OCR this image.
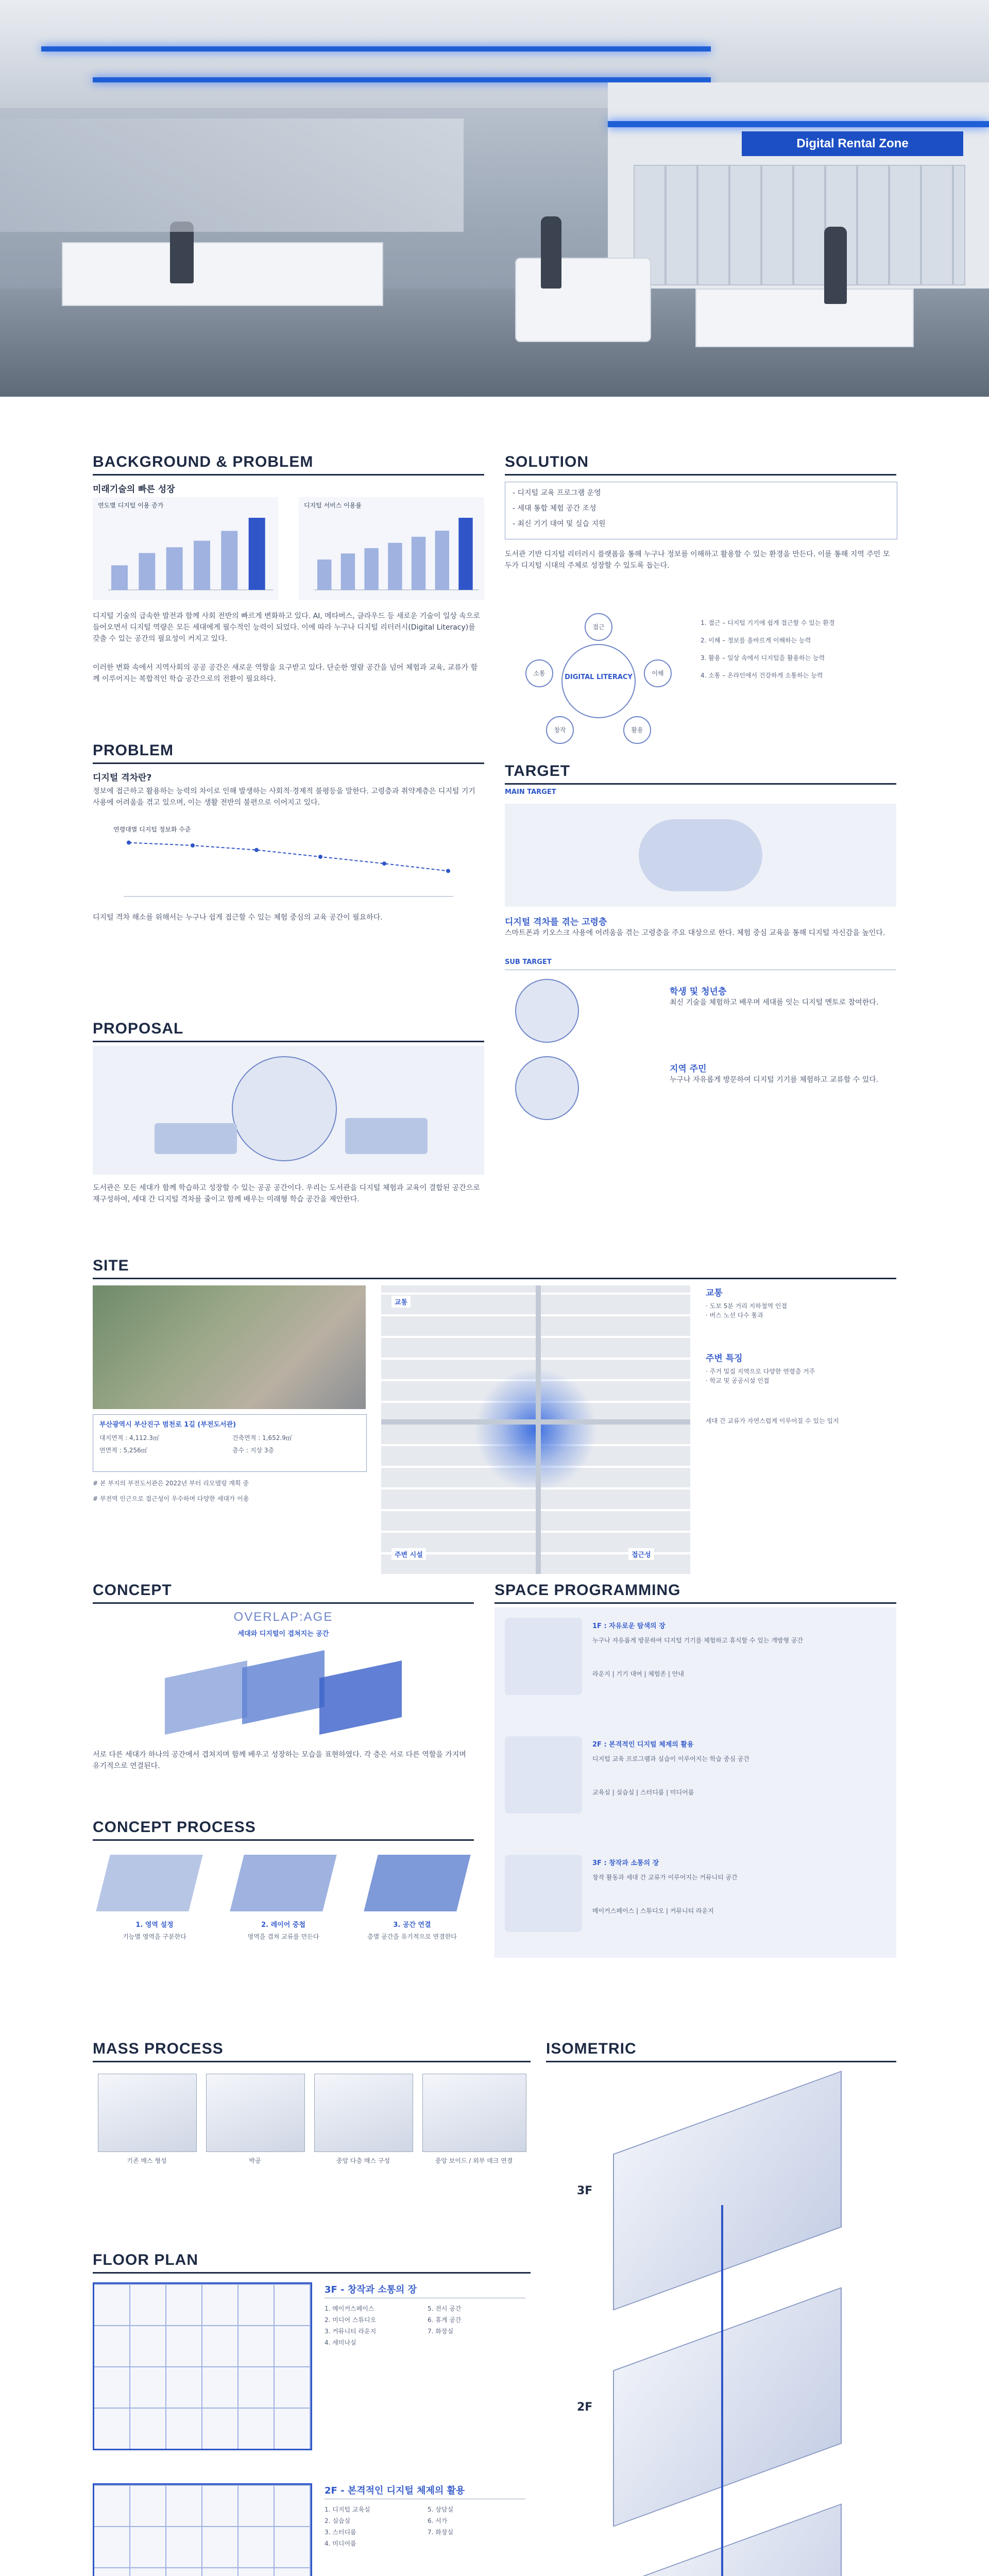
Digital Rental Zone
BACKGROUND & PROBLEM
미래기술의 빠른 성장
연도별 디지털 이용 증가	디지털 서비스 이용률
디지털 기술의 급속한 발전과 함께 사회 전반의 빠르게 변화하고 있다. AI, 메타버스, 클라우드 등 새로운 기술이 일상 속으로 들어오면서 디지털 역량은 모든 세대에게 필수적인 능력이 되었다. 이에 따라 누구나 디지털 리터러시(Digital Literacy)를 갖출 수 있는 공간의 필요성이 커지고 있다.
이러한 변화 속에서 지역사회의 공공 공간은 새로운 역할을 요구받고 있다. 단순한 열람 공간을 넘어 체험과 교육, 교류가 함께 이루어지는 복합적인 학습 공간으로의 전환이 필요하다.
PROBLEM
디지털 격차란?
정보에 접근하고 활용하는 능력의 차이로 인해 발생하는 사회적·경제적 불평등을 말한다. 고령층과 취약계층은 디지털 기기 사용에 어려움을 겪고 있으며, 이는 생활 전반의 불편으로 이어지고 있다.
연령대별 디지털 정보화 수준
디지털 격차 해소를 위해서는 누구나 쉽게 접근할 수 있는 체험 중심의 교육 공간이 필요하다.
PROPOSAL
도서관은 모든 세대가 함께 학습하고 성장할 수 있는 공공 공간이다. 우리는 도서관을 디지털 체험과 교육이 결합된 공간으로 재구성하여, 세대 간 디지털 격차를 줄이고 함께 배우는 미래형 학습 공간을 제안한다.
SOLUTION
- 디지털 교육 프로그램 운영
- 세대 통합 체험 공간 조성
- 최신 기기 대여 및 실습 지원
도서관 기반 디지털 리터러시 플랫폼을 통해 누구나 정보를 이해하고 활용할 수 있는 환경을 만든다. 이를 통해 지역 주민 모두가 디지털 시대의 주체로 성장할 수 있도록 돕는다.
DIGITAL LITERACY
접근
이해
활용
창작
소통
1. 접근 – 디지털 기기에 쉽게 접근할 수 있는 환경
2. 이해 – 정보를 올바르게 이해하는 능력
3. 활용 – 일상 속에서 디지털을 활용하는 능력
4. 소통 – 온라인에서 건강하게 소통하는 능력
TARGET
MAIN TARGET
디지털 격차를 겪는 고령층
스마트폰과 키오스크 사용에 어려움을 겪는 고령층을 주요 대상으로 한다. 체험 중심 교육을 통해 디지털 자신감을 높인다.
SUB TARGET
학생 및 청년층
최신 기술을 체험하고 배우며 세대를 잇는 디지털 멘토로 참여한다.
지역 주민
누구나 자유롭게 방문하여 디지털 기기를 체험하고 교류할 수 있다.
SITE
부산광역시 부산진구 범천로 1길 (부전도서관)
대지면적 : 4,112.3㎡	건축면적 : 1,652.9㎡
연면적 : 5,256㎡	층수 : 지상 3층
# 본 부지의 부전도서관은 2022년 부터 리모델링 계획 중
# 부전역 인근으로 접근성이 우수하며 다양한 세대가 이용
교통
주변 시설	접근성
교통
· 도보 5분 거리 지하철역 인접
· 버스 노선 다수 통과
주변 특징
· 주거 밀집 지역으로 다양한 연령층 거주
· 학교 및 공공시설 인접
세대 간 교류가 자연스럽게 이루어질 수 있는 입지
CONCEPT
OVERLAP:AGE
세대와 디지털이 겹쳐지는 공간
서로 다른 세대가 하나의 공간에서 겹쳐지며 함께 배우고 성장하는 모습을 표현하였다. 각 층은 서로 다른 역할을 가지며 유기적으로 연결된다.
CONCEPT PROCESS
1. 영역 설정	2. 레이어 중첩	3. 공간 연결
기능별 영역을 구분한다	영역을 겹쳐 교류를 만든다	층별 공간을 유기적으로 연결한다
SPACE PROGRAMMING
1F : 자유로운 탐색의 장
누구나 자유롭게 방문하여 디지털 기기를 체험하고 휴식할 수 있는 개방형 공간
라운지 | 기기 대여 | 체험존 | 안내
2F : 본격적인 디지털 체제의 활용
디지털 교육 프로그램과 실습이 이루어지는 학습 중심 공간
교육실 | 실습실 | 스터디룸 | 미디어룸
3F : 창작과 소통의 장
창작 활동과 세대 간 교류가 이루어지는 커뮤니티 공간
메이커스페이스 | 스튜디오 | 커뮤니티 라운지
MASS PROCESS
기존 매스 형성	박공	중앙 다층 매스 구성	중앙 보이드 / 외부 데크 연결
ISOMETRIC
3F
2F
FLOOR PLAN
3F - 창작과 소통의 장
1. 메이커스페이스
2. 미디어 스튜디오
3. 커뮤니티 라운지
4. 세미나실
5. 전시 공간
6. 휴게 공간
7. 화장실
2F - 본격적인 디지털 체제의 활용
1. 디지털 교육실
2. 실습실
3. 스터디룸
4. 미디어룸
5. 상담실
6. 서가
7. 화장실
